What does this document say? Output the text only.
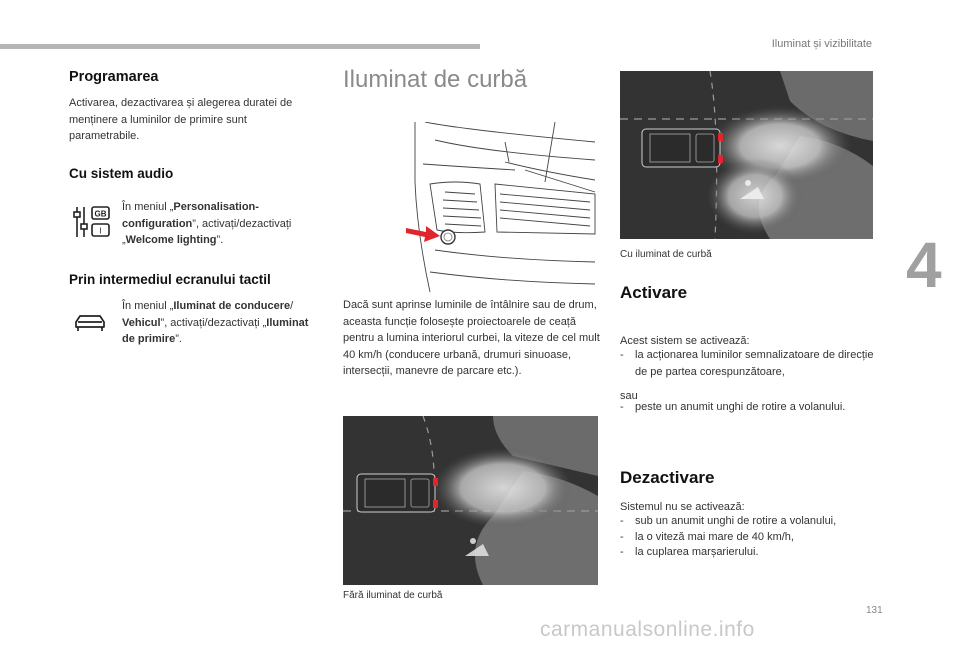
Iluminat și vizibilitate
4
Programarea

Activarea, dezactivarea și alegerea duratei de menținere a luminilor de primire sunt parametrabile.

Cu sistem audio
GB
I

În meniul „Personalisation-configuration”, activați/dezactivați „Welcome lighting”.

Prin intermediul ecranului tactil

În meniul „Iluminat de conducere/
Vehicul”, activați/dezactivați „Iluminat de primire”.

Iluminat de curbă

Dacă sunt aprinse luminile de întâlnire sau de drum, aceasta funcție folosește proiectoarele de ceață pentru a lumina interiorul curbei, la viteze de cel mult 40 km/h (conducere urbană, drumuri sinuoase, intersecții, manevre de parcare etc.).

Fără iluminat de curbă
Cu iluminat de curbă
Activare

Acest sistem se activează:

- la acționarea luminilor semnalizatoare de direcție de pe partea corespunzătoare,

sau

- peste un anumit unghi de rotire a volanului.
Dezactivare

Sistemul nu se activează:

- sub un anumit unghi de rotire a volanului,
- la o viteză mai mare de 40 km/h,
- la cuplarea marșarierului.
131
carmanualsonline.info
